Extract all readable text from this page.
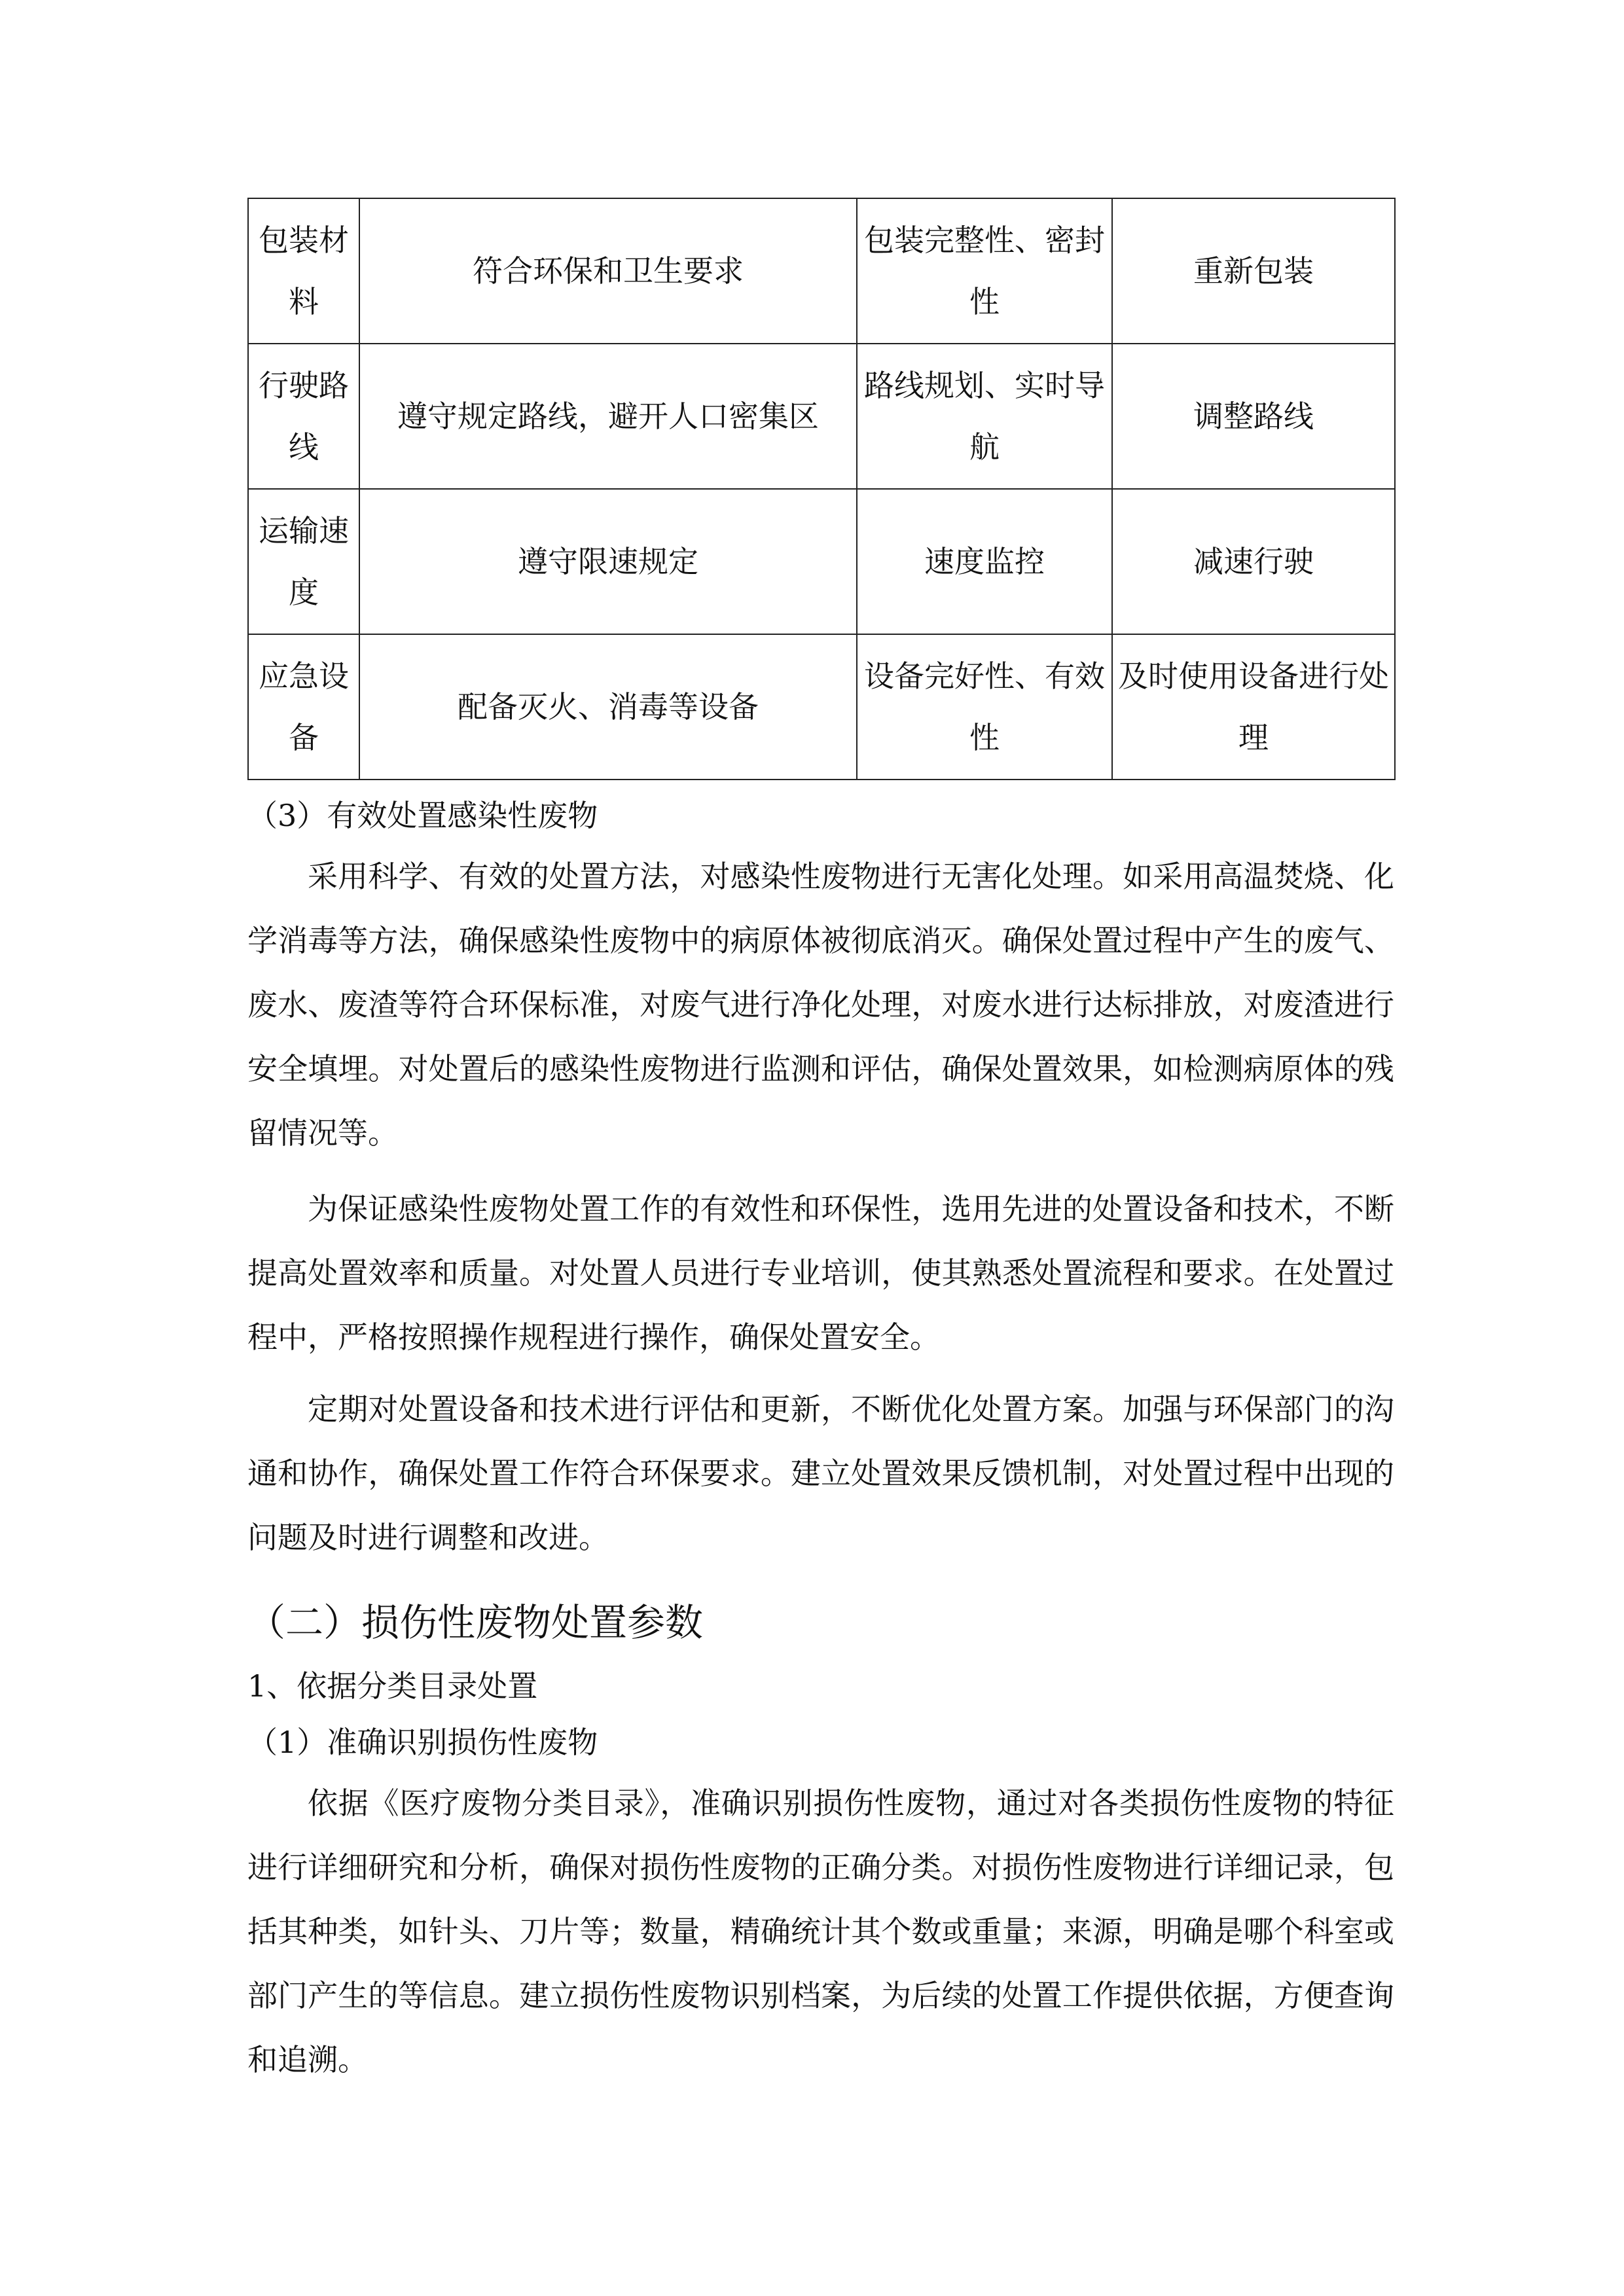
包装材料	符合环保和卫生要求	包装完整性、密封性	重新包装
行驶路线	遵守规定路线，避开人口密集区	路线规划、实时导航	调整路线
运输速度	遵守限速规定	速度监控	减速行驶
应急设备	配备灭火、消毒等设备	设备完好性、有效性	及时使用设备进行处理
（3）有效处置感染性废物

采用科学、有效的处置方法，对感染性废物进行无害化处理。如采用高温焚烧、化学消毒等方法，确保感染性废物中的病原体被彻底消灭。确保处置过程中产生的废气、废水、废渣等符合环保标准，对废气进行净化处理，对废水进行达标排放，对废渣进行安全填埋。对处置后的感染性废物进行监测和评估，确保处置效果，如检测病原体的残留情况等。

为保证感染性废物处置工作的有效性和环保性，选用先进的处置设备和技术，不断提高处置效率和质量。对处置人员进行专业培训，使其熟悉处置流程和要求。在处置过程中，严格按照操作规程进行操作，确保处置安全。

定期对处置设备和技术进行评估和更新，不断优化处置方案。加强与环保部门的沟通和协作，确保处置工作符合环保要求。建立处置效果反馈机制，对处置过程中出现的问题及时进行调整和改进。

（二）损伤性废物处置参数
1、依据分类目录处置
（1）准确识别损伤性废物

依据《医疗废物分类目录》，准确识别损伤性废物，通过对各类损伤性废物的特征进行详细研究和分析，确保对损伤性废物的正确分类。对损伤性废物进行详细记录，包括其种类，如针头、刀片等；数量，精确统计其个数或重量；来源，明确是哪个科室或部门产生的等信息。建立损伤性废物识别档案，为后续的处置工作提供依据，方便查询和追溯。
